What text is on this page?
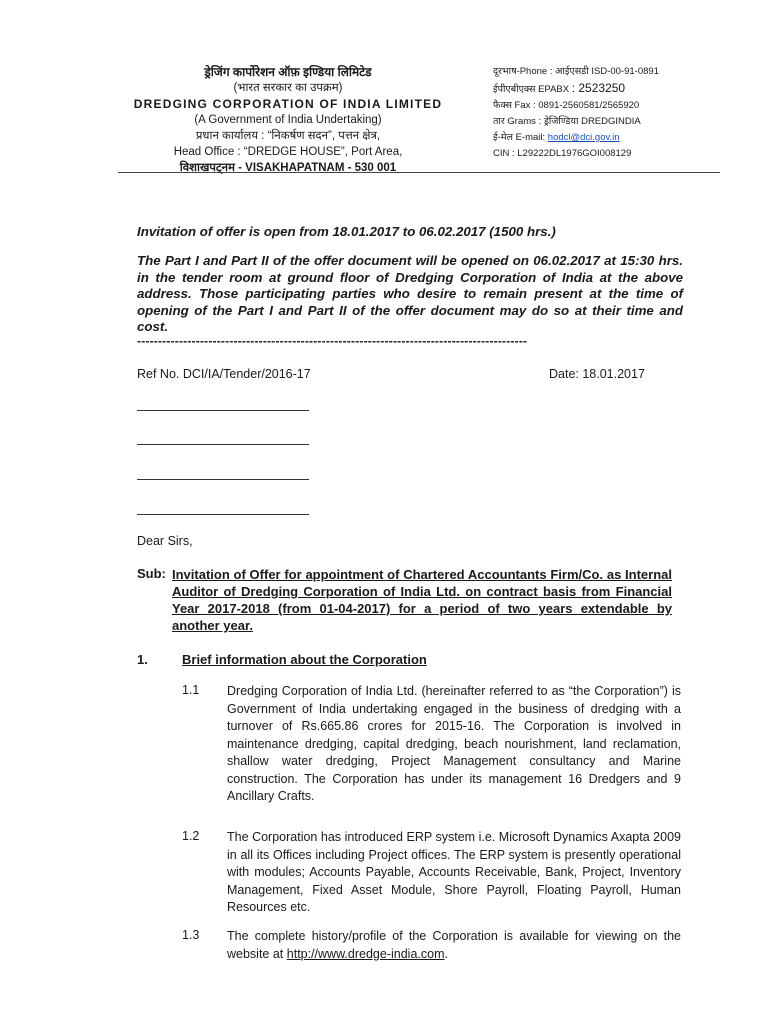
ड्रेजिंग कार्पोरेशन ऑफ़ इण्डिया लिमिटेड
(भारत सरकार का उपक्रम)
DREDGING CORPORATION OF INDIA LIMITED
(A Government of India Undertaking)
प्रधान कार्यालय : “निकर्षण सदन”, पत्तन क्षेत्र,
Head Office : “DREDGE HOUSE”, Port Area,
विशाखपट्नम - VISAKHAPATNAM - 530 001
दूरभाष-Phone : आईएसडी ISD-00-91-0891
ईपीएबीएक्स EPABX : 2523250
फैक्स Fax : 0891-2560581/2565920
तार Grams : ड्रेजिण्डिया DREDGINDIA
ई-मेल E-mail: hodcl@dci.gov.in
CIN : L29222DL1976GOI008129
Invitation of offer is open from 18.01.2017 to 06.02.2017 (1500 hrs.)
The Part I and Part II of the offer document will be opened on 06.02.2017 at 15:30 hrs. in the tender room at ground floor of Dredging Corporation of India at the above address. Those participating parties who desire to remain present at the time of opening of the Part I and Part II of the offer document may do so at their time and cost.
---------------------------------------------------------------------------------------------
Ref No. DCI/IA/Tender/2016-17	Date: 18.01.2017
Dear Sirs,
Sub: Invitation of Offer for appointment of Chartered Accountants Firm/Co. as Internal Auditor of Dredging Corporation of India Ltd. on contract basis from Financial Year 2017-2018 (from 01-04-2017) for a period of two years extendable by another year.
1.	Brief information about the Corporation
1.1 Dredging Corporation of India Ltd. (hereinafter referred to as “the Corporation”) is Government of India undertaking engaged in the business of dredging with a turnover of Rs.665.86 crores for 2015-16. The Corporation is involved in maintenance dredging, capital dredging, beach nourishment, land reclamation, shallow water dredging, Project Management consultancy and Marine construction. The Corporation has under its management 16 Dredgers and 9 Ancillary Crafts.
1.2 The Corporation has introduced ERP system i.e. Microsoft Dynamics Axapta 2009 in all its Offices including Project offices. The ERP system is presently operational with modules; Accounts Payable, Accounts Receivable, Bank, Project, Inventory Management, Fixed Asset Module, Shore Payroll, Floating Payroll, Human Resources etc.
1.3 The complete history/profile of the Corporation is available for viewing on the website at http://www.dredge-india.com.
